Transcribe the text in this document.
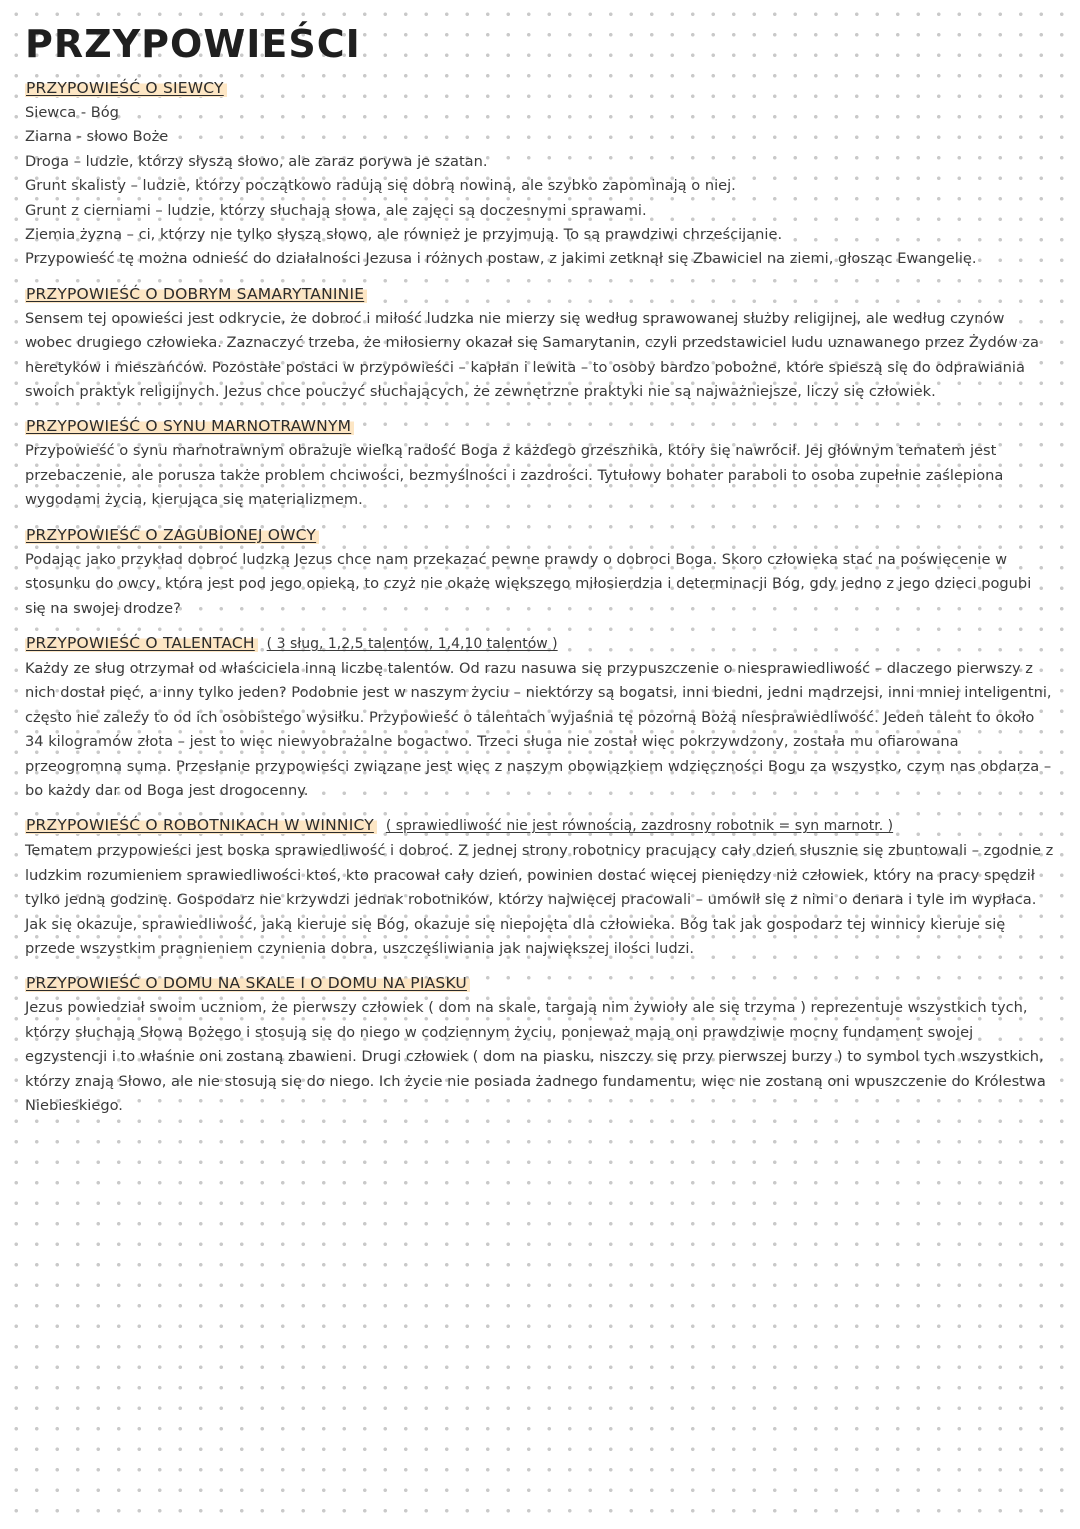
PRZYPOWIEŚCI
PRZYPOWIEŚĆ O SIEWCY
Siewca - Bóg
Ziarna - słowo Boże
Droga – ludzie, którzy słyszą słowo, ale zaraz porywa je szatan.
Grunt skalisty – ludzie, którzy początkowo radują się dobrą nowiną, ale szybko zapominają o niej.
Grunt z cierniami – ludzie, którzy słuchają słowa, ale zajęci są doczesnymi sprawami.
Ziemia żyzna – ci, którzy nie tylko słyszą słowo, ale również je przyjmują. To są prawdziwi chrześcijanie.
Przypowieść tę można odnieść do działalności Jezusa i różnych postaw, z jakimi zetknął się Zbawiciel na ziemi, głosząc Ewangelię.
PRZYPOWIEŚĆ O DOBRYM SAMARYTANINIE

Sensem tej opowieści jest odkrycie, że dobroć i miłość ludzka nie mierzy się według sprawowanej służby religijnej, ale według czynów wobec drugiego człowieka. Zaznaczyć trzeba, że miłosierny okazał się Samarytanin, czyli przedstawiciel ludu uznawanego przez Żydów za heretyków i mieszańców. Pozostałe postaci w przypowieści – kapłan i lewita – to osoby bardzo pobożne, które spieszą się do odprawiania swoich praktyk religijnych. Jezus chce pouczyć słuchających, że zewnętrzne praktyki nie są najważniejsze, liczy się człowiek.

PRZYPOWIEŚĆ O SYNU MARNOTRAWNYM

Przypowieść o synu marnotrawnym obrazuje wielką radość Boga z każdego grzesznika, który się nawrócił. Jej głównym tematem jest przebaczenie, ale porusza także problem chciwości, bezmyślności i zazdrości. Tytułowy bohater paraboli to osoba zupełnie zaślepiona wygodami życia, kierująca się materializmem.

PRZYPOWIEŚĆ O ZAGUBIONEJ OWCY

Podając jako przykład dobroć ludzką Jezus chce nam przekazać pewne prawdy o dobroci Boga. Skoro człowieka stać na poświęcenie w stosunku do owcy, która jest pod jego opieką, to czyż nie okaże większego miłosierdzia i determinacji Bóg, gdy jedno z jego dzieci pogubi się na swojej drodze?

PRZYPOWIEŚĆ O TALENTACH ( 3 sług, 1,2,5 talentów, 1,4,10 talentów )

Każdy ze sług otrzymał od właściciela inną liczbę talentów. Od razu nasuwa się przypuszczenie o niesprawiedliwość – dlaczego pierwszy z nich dostał pięć, a inny tylko jeden? Podobnie jest w naszym życiu – niektórzy są bogatsi, inni biedni, jedni mądrzejsi, inni mniej inteligentni, często nie zależy to od ich osobistego wysiłku. Przypowieść o talentach wyjaśnia tę pozorną Bożą niesprawiedliwość. Jeden talent to około 34 kilogramów złota – jest to więc niewyobrażalne bogactwo. Trzeci sługa nie został więc pokrzywdzony, została mu ofiarowana przeogromna suma. Przesłanie przypowieści związane jest więc z naszym obowiązkiem wdzięczności Bogu za wszystko, czym nas obdarza – bo każdy dar od Boga jest drogocenny.

PRZYPOWIEŚĆ O ROBOTNIKACH W WINNICY ( sprawiedliwość nie jest równością, zazdrosny robotnik = syn marnotr. )

Tematem przypowieści jest boska sprawiedliwość i dobroć. Z jednej strony robotnicy pracujący cały dzień słusznie się zbuntowali – zgodnie z ludzkim rozumieniem sprawiedliwości ktoś, kto pracował cały dzień, powinien dostać więcej pieniędzy niż człowiek, który na pracy spędził tylko jedną godzinę. Gospodarz nie krzywdzi jednak robotników, którzy najwięcej pracowali – umówił się z nimi o denara i tyle im wypłaca. Jak się okazuje, sprawiedliwość, jaką kieruje się Bóg, okazuje się niepojęta dla człowieka. Bóg tak jak gospodarz tej winnicy kieruje się przede wszystkim pragnieniem czynienia dobra, uszczęśliwiania jak największej ilości ludzi.

PRZYPOWIEŚĆ O DOMU NA SKALE I O DOMU NA PIASKU

Jezus powiedział swoim uczniom, że pierwszy człowiek ( dom na skale, targają nim żywioły ale się trzyma ) reprezentuje wszystkich tych, którzy słuchają Słowa Bożego i stosują się do niego w codziennym życiu, ponieważ mają oni prawdziwie mocny fundament swojej egzystencji i to właśnie oni zostaną zbawieni. Drugi człowiek ( dom na piasku, niszczy się przy pierwszej burzy ) to symbol tych wszystkich, którzy znają Słowo, ale nie stosują się do niego. Ich życie nie posiada żadnego fundamentu, więc nie zostaną oni wpuszczenie do Królestwa Niebieskiego.
